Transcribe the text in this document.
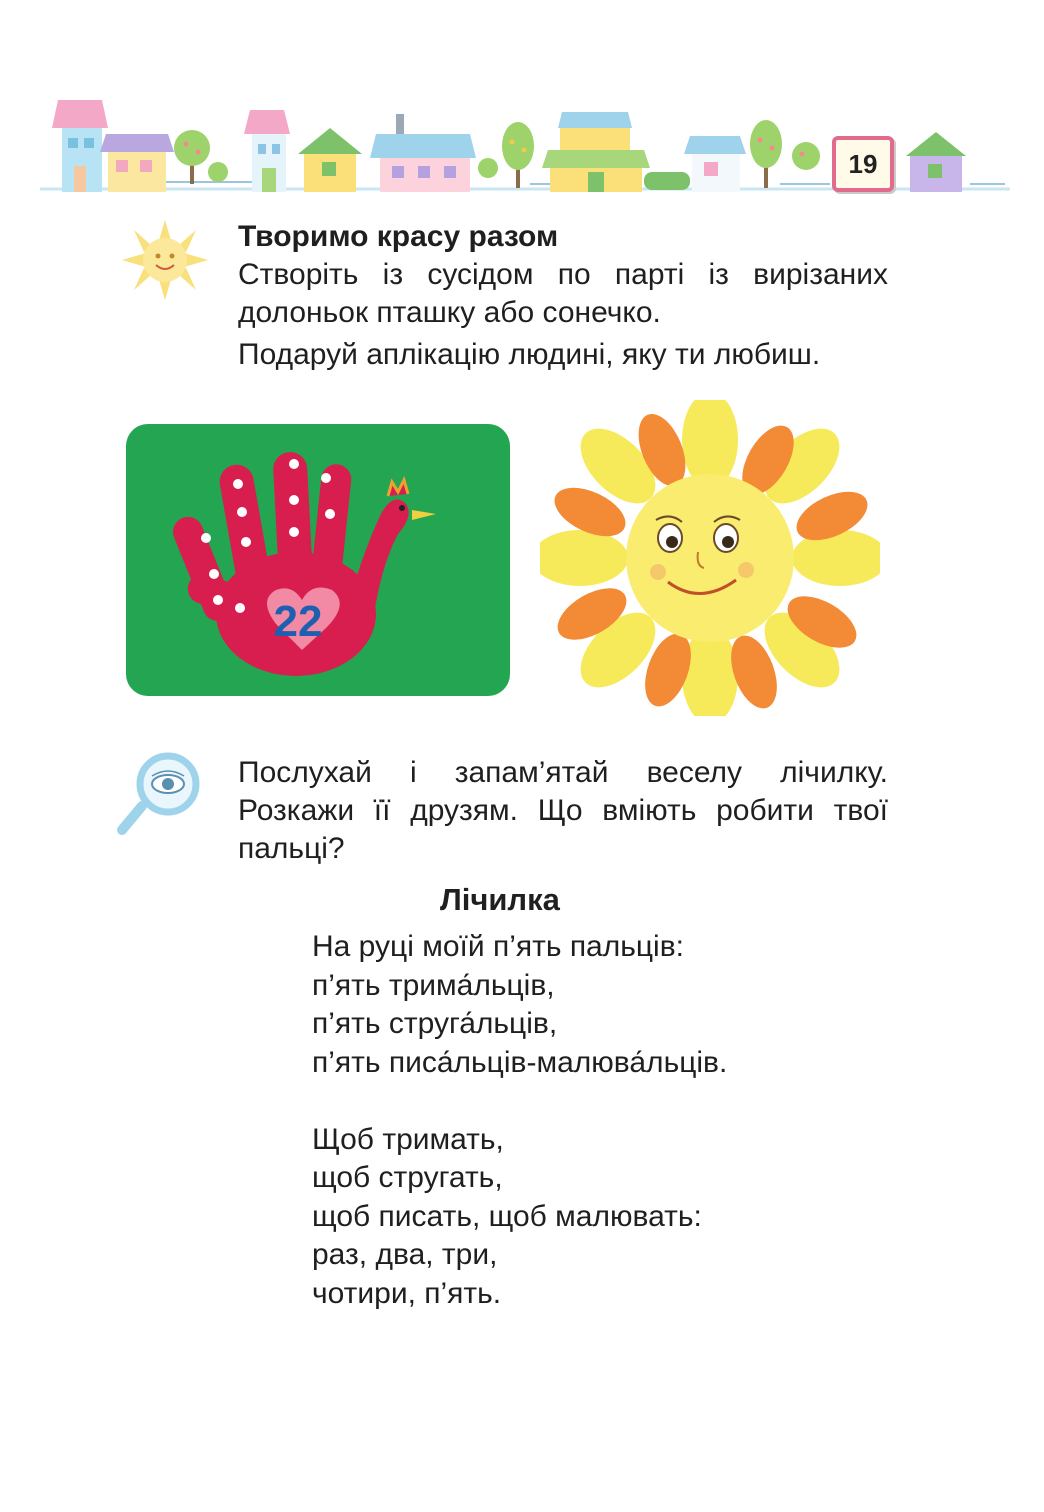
19

Творимо красу разом

Створіть із сусідом по парті із вирізаних

долоньок пташку або сонечко.

Подаруй аплікацію людині, яку ти любиш.

22

Послухай і запам’ятай веселу лічилку.

Розкажи її друзям. Що вміють робити твої

пальці?

Лічилка
На руці моїй п’ять пальців:
п’ять трима́льців,
п’ять струга́льців,
п’ять писа́льців-малюва́льців.
Щоб тримать,
щоб стругать,
щоб писать, щоб малювать:
раз, два, три,
чотири, п’ять.
